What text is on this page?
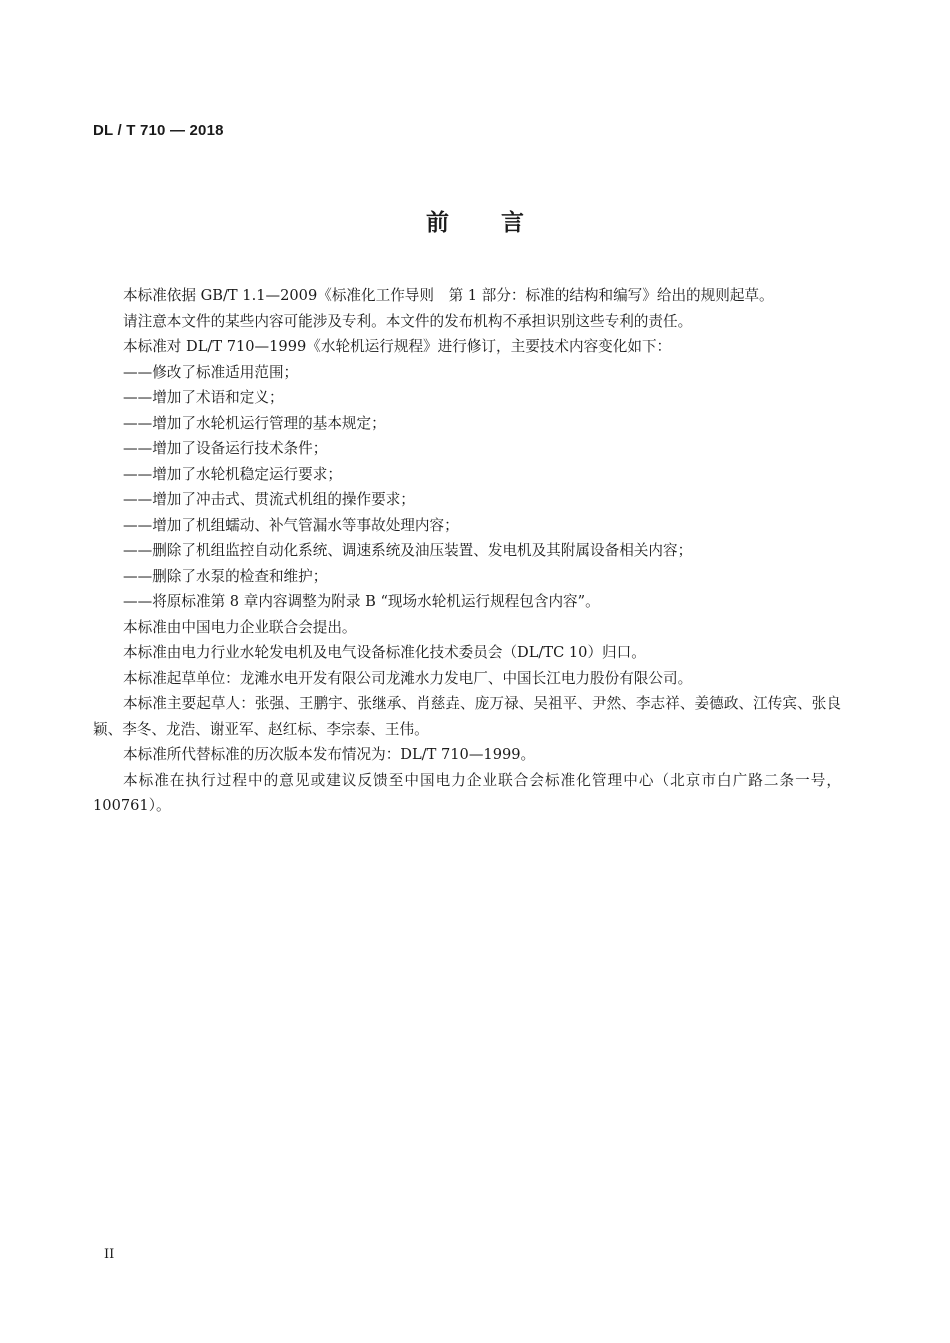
DL / T 710 — 2018
前 言

本标准依据 GB/T 1.1—2009《标准化工作导则　第 1 部分：标准的结构和编写》给出的规则起草。

请注意本文件的某些内容可能涉及专利。本文件的发布机构不承担识别这些专利的责任。

本标准对 DL/T 710—1999《水轮机运行规程》进行修订，主要技术内容变化如下：

——修改了标准适用范围；

——增加了术语和定义；

——增加了水轮机运行管理的基本规定；

——增加了设备运行技术条件；

——增加了水轮机稳定运行要求；

——增加了冲击式、贯流式机组的操作要求；

——增加了机组蠕动、补气管漏水等事故处理内容；

——删除了机组监控自动化系统、调速系统及油压装置、发电机及其附属设备相关内容；

——删除了水泵的检查和维护；

——将原标准第 8 章内容调整为附录 B “现场水轮机运行规程包含内容”。

本标准由中国电力企业联合会提出。

本标准由电力行业水轮发电机及电气设备标准化技术委员会（DL/TC 10）归口。

本标准起草单位：龙滩水电开发有限公司龙滩水力发电厂、中国长江电力股份有限公司。

本标准主要起草人：张强、王鹏宇、张继承、肖慈垚、庞万禄、吴祖平、尹然、李志祥、姜德政、江传宾、张良颖、李冬、龙浩、谢亚军、赵红标、李宗泰、王伟。

本标准所代替标准的历次版本发布情况为：DL/T 710—1999。

本标准在执行过程中的意见或建议反馈至中国电力企业联合会标准化管理中心（北京市白广路二条一号，100761）。

II
